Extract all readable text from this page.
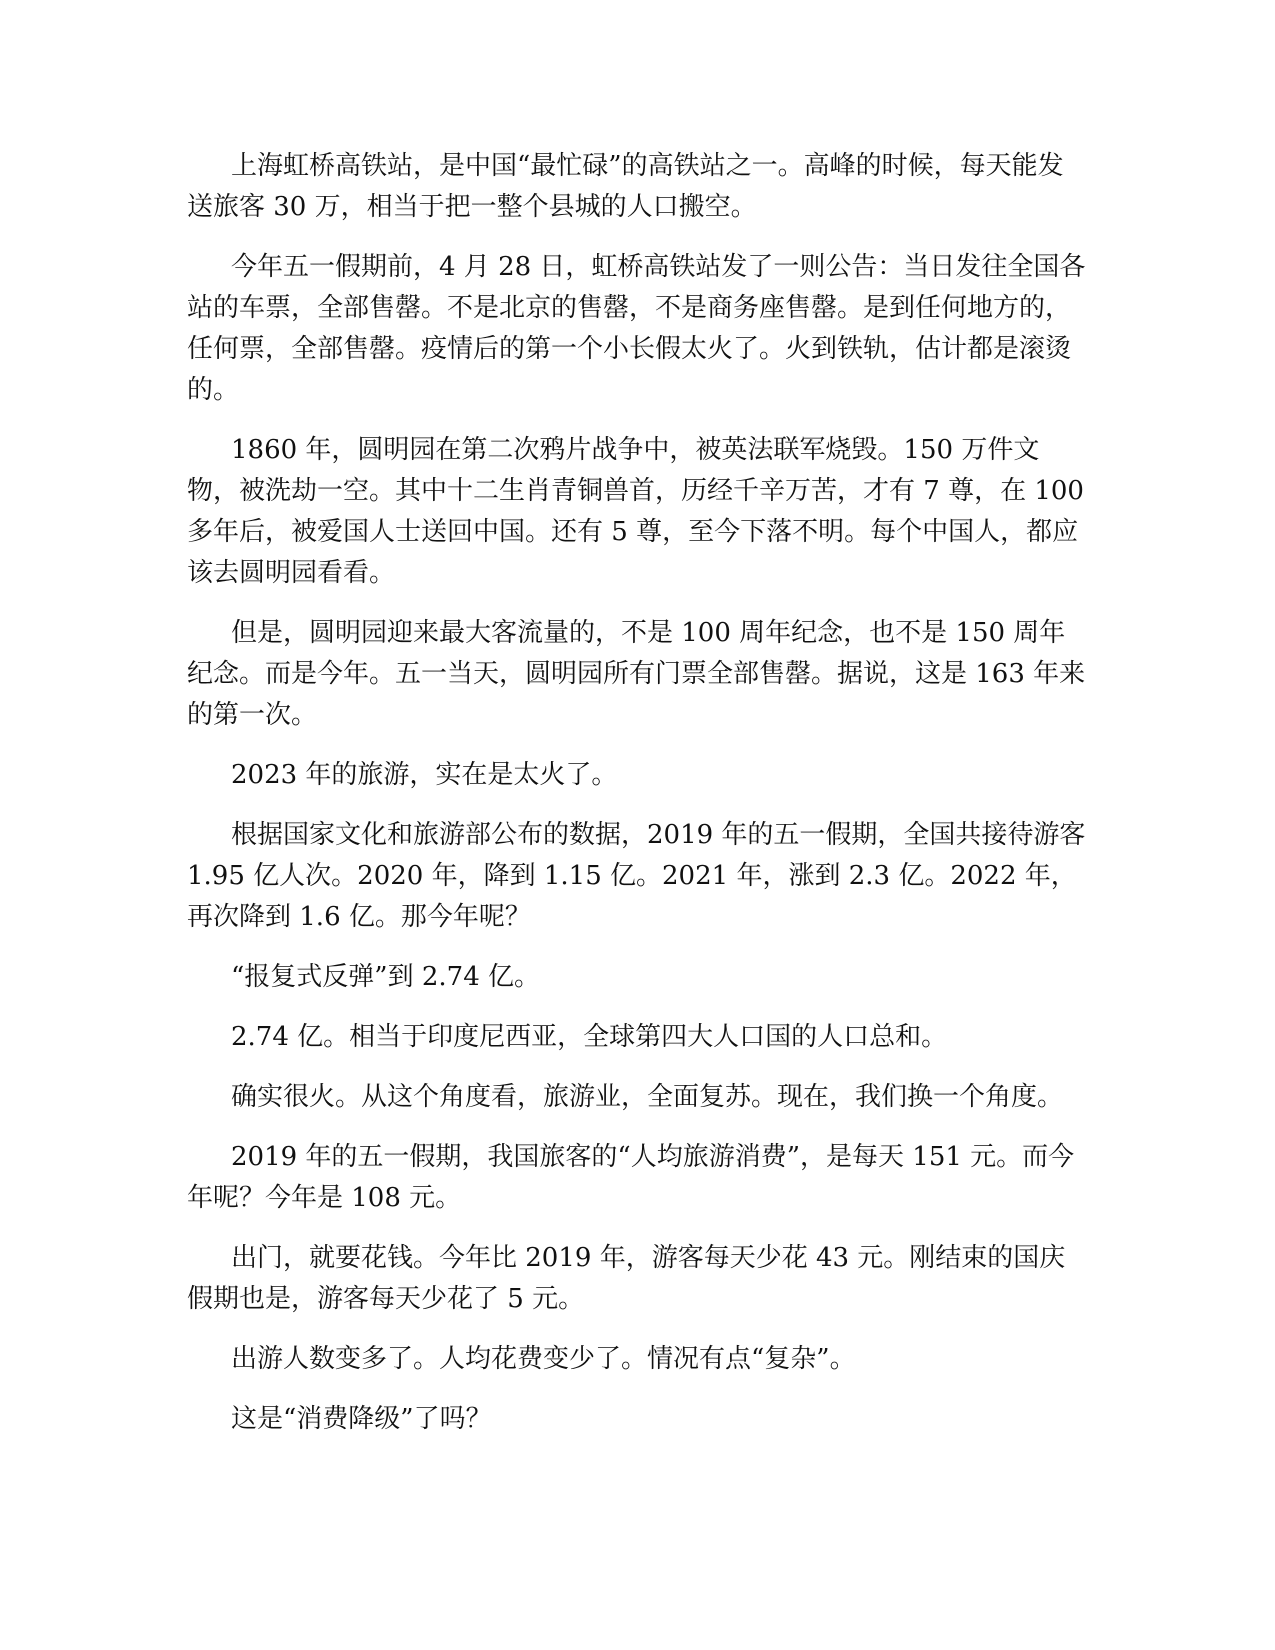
上海虹桥高铁站，是中国“最忙碌”的高铁站之一。高峰的时候，每天能发送旅客 30 万，相当于把一整个县城的人口搬空。

今年五一假期前，4 月 28 日，虹桥高铁站发了一则公告：当日发往全国各站的车票，全部售罄。不是北京的售罄，不是商务座售罄。是到任何地方的，任何票，全部售罄。疫情后的第一个小长假太火了。火到铁轨，估计都是滚烫的。

1860 年，圆明园在第二次鸦片战争中，被英法联军烧毁。150 万件文物，被洗劫一空。其中十二生肖青铜兽首，历经千辛万苦，才有 7 尊，在 100 多年后，被爱国人士送回中国。还有 5 尊，至今下落不明。每个中国人，都应该去圆明园看看。

但是，圆明园迎来最大客流量的，不是 100 周年纪念，也不是 150 周年纪念。而是今年。五一当天，圆明园所有门票全部售罄。据说，这是 163 年来的第一次。

2023 年的旅游，实在是太火了。

根据国家文化和旅游部公布的数据，2019 年的五一假期，全国共接待游客 1.95 亿人次。2020 年，降到 1.15 亿。2021 年，涨到 2.3 亿。2022 年，再次降到 1.6 亿。那今年呢？

“报复式反弹”到 2.74 亿。

2.74 亿。相当于印度尼西亚，全球第四大人口国的人口总和。

确实很火。从这个角度看，旅游业，全面复苏。现在，我们换一个角度。

2019 年的五一假期，我国旅客的“人均旅游消费”，是每天 151 元。而今年呢？今年是 108 元。

出门，就要花钱。今年比 2019 年，游客每天少花 43 元。刚结束的国庆假期也是，游客每天少花了 5 元。

出游人数变多了。人均花费变少了。情况有点“复杂”。

这是“消费降级”了吗？
